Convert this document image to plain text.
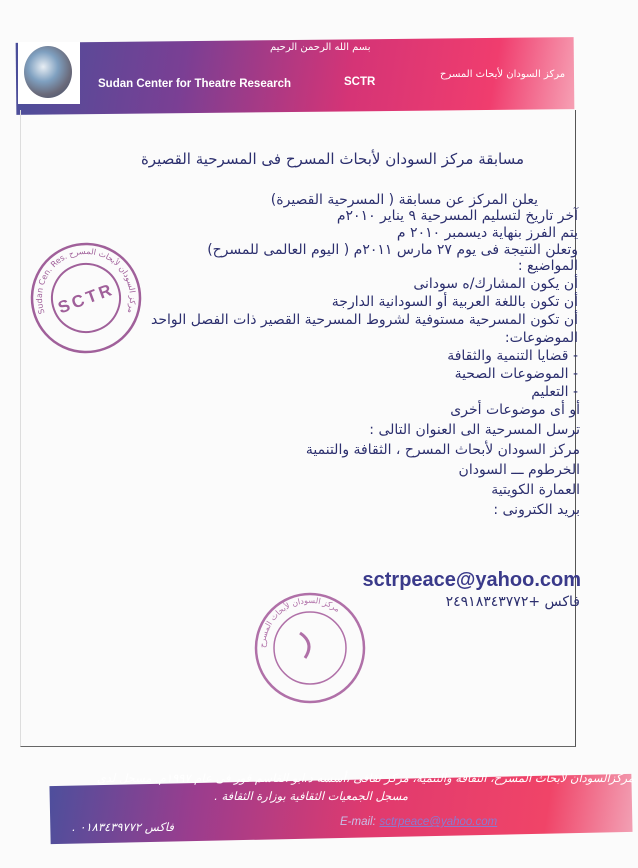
بسم الله الرحمن الرحيم
Sudan Center for Theatre Research	SCTR
مركز السودان لأبحاث المسرح
مسابقة مركز السودان لأبحاث المسرح فى المسرحية القصيرة
يعلن المركز عن مسابقة ( المسرحية القصيرة)
آخر تاريخ لتسليم المسرحية ٩ يناير ٢٠١٠م
يتم الفرز بنهاية ديسمبر ٢٠١٠ م
وتعلن النتيجة فى يوم ٢٧ مارس ٢٠١١م ( اليوم العالمى للمسرح)
المواضيع :
أن يكون المشارك/ه سودانى
أن تكون باللغة العربية أو السودانية الدارجة
أن تكون المسرحية مستوفية لشروط المسرحية القصير ذات الفصل الواحد
الموضوعات:
- قضايا التنمية والثقافة
- الموضوعات الصحية
- التعليم
أو أى موضوعات أخرى
ترسل المسرحية الى العنوان التالى :
مركز السودان لأبحاث المسرح ، الثقافة والتنمية
الخرطوم ـــ السودان
العمارة الكويتية
بريد الكترونى :
sctrpeace@yahoo.com
فاكس +٢٤٩١٨٣٤٣٧٧٢
Sudan Cen. Res. مركز السودان لأبحاث المسرح
SCTR
مركز السودان لأبحاث المسرح
مركزالسودان لأبحاث المسرح، الثقافة والتنمية، مركز ثقافى ،أسسه د.ابو القاسم قور فى عام ١٩٩٧م. مسجل لدى
مسجل الجمعيات الثقافية بوزارة الثقافة .
E-mail: sctrpeace@yahoo.com
فاكس ٠١٨٣٤٣٩٧٧٢ .
